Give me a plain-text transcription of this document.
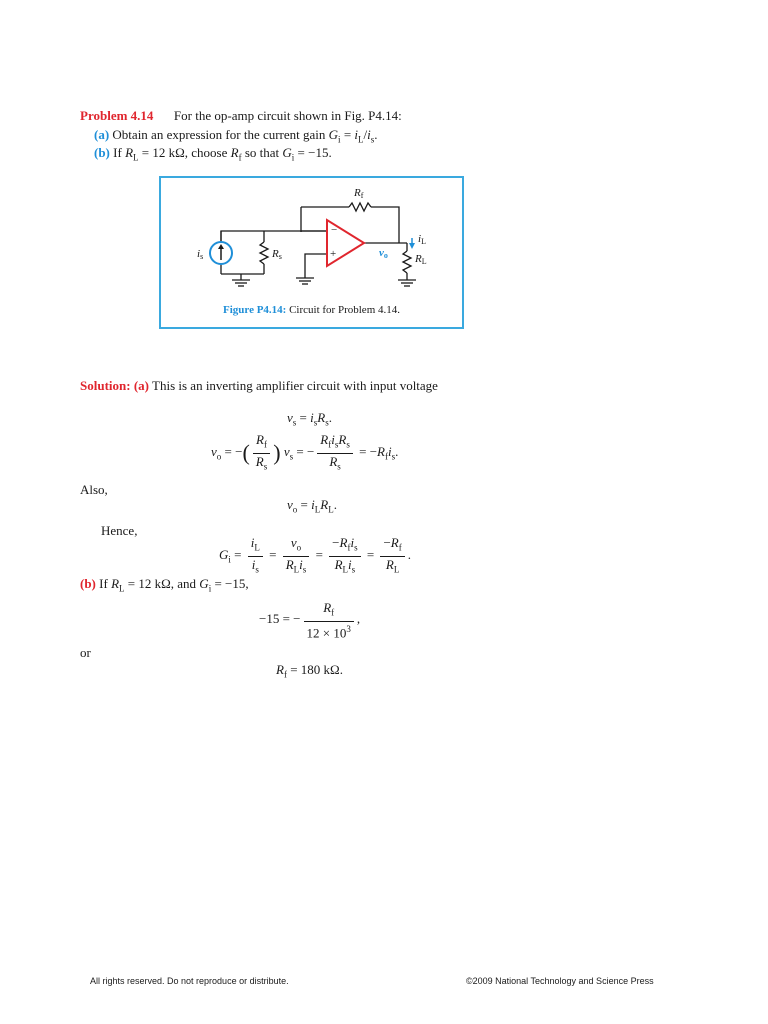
Problem 4.14 For the op-amp circuit shown in Fig. P4.14:
(a) Obtain an expression for the current gain $G_i = i_L/i_s$.
(b) If $R_L = 12$ kΩ, choose $R_f$ so that $G_i = -15$.
−
+
Rf
is	Rs	vo
iL
RL
Figure P4.14: Circuit for Problem 4.14.
Solution: (a) This is an inverting amplifier circuit with input voltage
$v_s = i_sR_s$.
$v_o$ = −( $\frac{R_f}{R_s}$ ) $v_s$ = − $\frac{R_fi_sR_s}{R_s} = -R_fi_s$.
Also,
$v_o = i_LR_L$.
Hence,
$G_i = \frac{i_L}{i_s} = \frac{v_o}{R_Li_s} = \frac{-R_fi_s}{R_Li_s} = \frac{-R_f}{R_L}$ .
(b) If $R_L = 12$ kΩ, and $G_i = -15$,
−15 = − $\frac{R_f}{12 \times 10^3}$ ,
or
$R_f = 180$ kΩ.
All rights reserved. Do not reproduce or distribute.	©2009 National Technology and Science Press
